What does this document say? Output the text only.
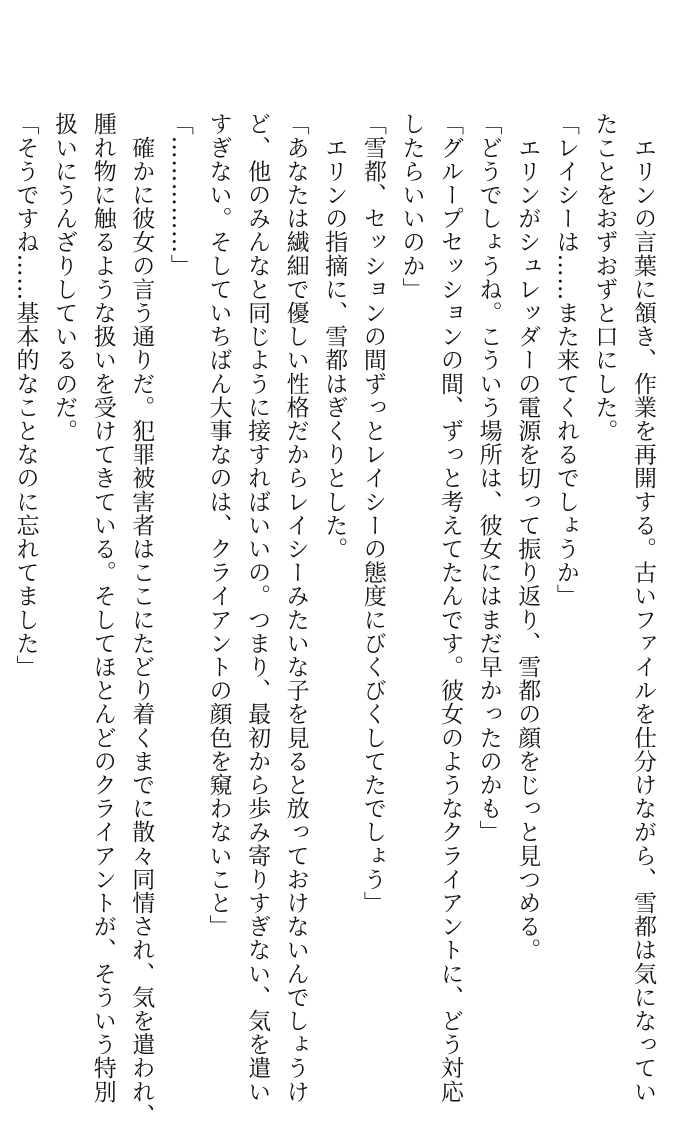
　エリンの言葉に頷き、作業を再開する。古いファイルを仕分けながら、雪都は気になってい
たことをおずおずと口にした。
「レイシーは……また来てくれるでしょうか」
　エリンがシュレッダーの電源を切って振り返り、雪都の顔をじっと見つめる。
「どうでしょうね。こういう場所は、彼女にはまだ早かったのかも」
「グループセッションの間、ずっと考えてたんです。彼女のようなクライアントに、どう対応
したらいいのか」
「雪都、セッションの間ずっとレイシーの態度にびくびくしてたでしょう」
　エリンの指摘に、雪都はぎくりとした。
「あなたは繊細で優しい性格だからレイシーみたいな子を見ると放っておけないんでしょうけ
ど、他のみんなと同じように接すればいいの。つまり、最初から歩み寄りすぎない、気を遣い
すぎない。そしていちばん大事なのは、クライアントの顔色を窺わないこと」
「……………」
　確かに彼女の言う通りだ。犯罪被害者はここにたどり着くまでに散々同情され、気を遣われ、
腫れ物に触るような扱いを受けてきている。そしてほとんどのクライアントが、そういう特別
扱いにうんざりしているのだ。
「そうですね……基本的なことなのに忘れてました」
